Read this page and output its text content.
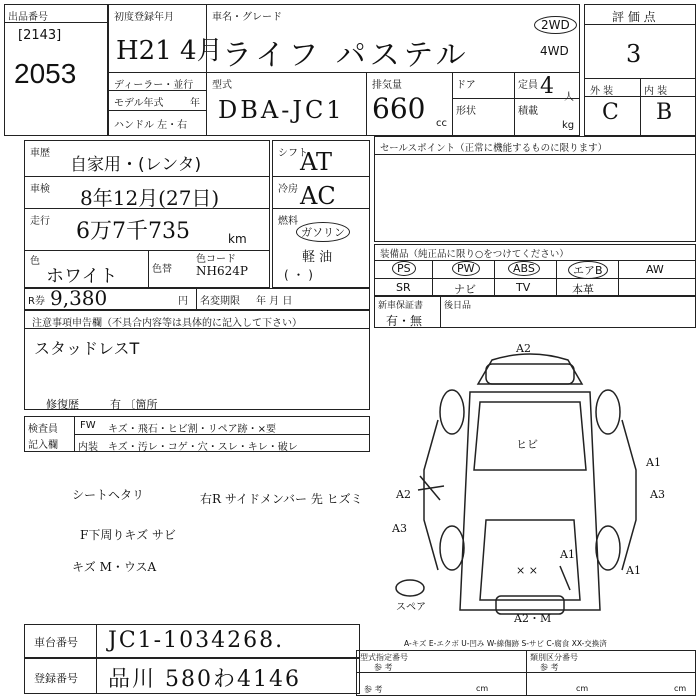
出品番号
[2143]
2053
初度登録年月
H21 4月
車名・グレード
ライフ パステル
2WD
4WD
ディーラー・並行
モデル年式	年
ハンドル 左・右
型式
DBA-JC1
排気量
660 cc
ドア
形状
定員 4 人
積載
kg
評 価 点
3
外 装	内 装
C B
車歴
自家用・(レンタ)
車検 8年12月(27日)
走行 6万7千735	km
色
ホワイト	色替
色コード
NH624P
シフト
AT
冷房 AC
燃料
ガソリン
軽 油
( ・ )
R券 9,380	円 名変期限 年 月 日
注意事項申告欄（不具合内容等は具体的に記入して下さい）
スタッドレスT
修復歴	有 〔箇所
検査員
記入欄
FW キズ・飛石・ヒビ割・リペア跡・×要
内装 キズ・汚レ・コゲ・穴・スレ・キレ・破レ
シートヘタリ	右R サイドメンバー 先 ヒズミ
F下周りキズ サビ
キズ M・ウスA
セールスポイント（正常に機能するものに限ります）
装備品（純正品に限り○をつけてください）
PS	PW	ABS	エアB	AW
SR	ナビ	TV	本革
新車保証書
有・無
後日品
A2
ヒビ
A2
A3
A1
A3
A1
× ×	A1
A2・M
スペア
車台番号 JC1-1034268.
登録番号 品川 580わ4146
A-キズ E-エクボ U-凹み W-線傷跡 S-サビ C-腐食 XX-交換済
型式指定番号
参 考
類別区分番号
参 考
参 考	cm	cm	cm
